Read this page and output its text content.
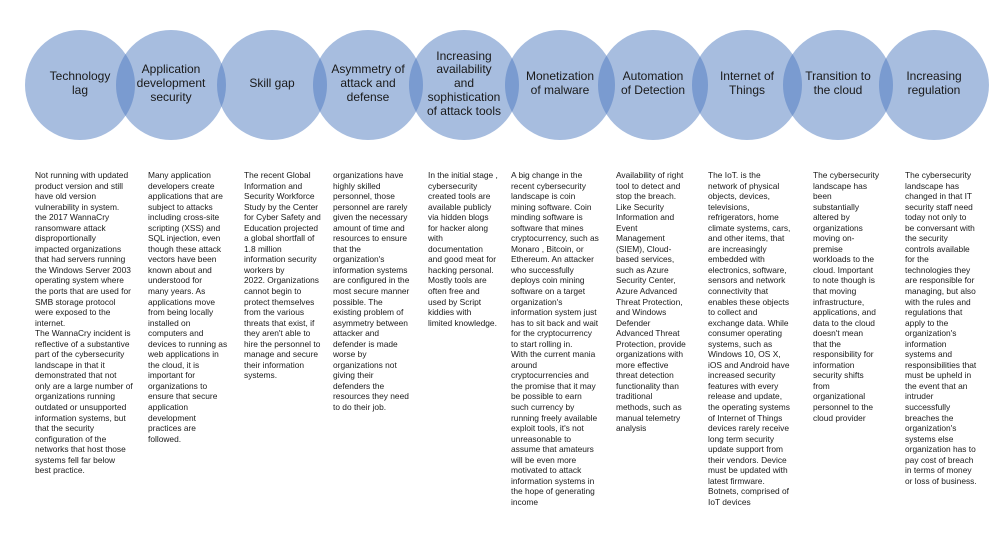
Technology
lag
Application
development
security
Skill gap
Asymmetry of
attack and
defense
Increasing
availability
and
sophistication
of attack tools
Monetization
of malware
Automation
of Detection
Internet of
Things
Transition to
the cloud
Increasing
regulation
Not running with updated
product version and still
have old version
vulnerability in system.
the 2017 WannaCry
ransomware attack
disproportionally
impacted organizations
that had servers running
the Windows Server 2003
operating system where
the ports that are used for
SMB storage protocol
were exposed to the
internet.
The WannaCry incident is
reflective of a substantive
part of the cybersecurity
landscape in that it
demonstrated that not
only are a large number of
organizations running
outdated or unsupported
information systems, but
that the security
configuration of the
networks that host those
systems fell far below
best practice.
Many application
developers create
applications that are
subject to attacks
including cross-site
scripting (XSS) and
SQL injection, even
though these attack
vectors have been
known about and
understood for
many years. As
applications move
from being locally
installed on
computers and
devices to running as
web applications in
the cloud, it is
important for
organizations to
ensure that secure
application
development
practices are
followed.
The recent Global
Information and
Security Workforce
Study by the Center
for Cyber Safety and
Education projected
a global shortfall of
1.8 million
information security
workers by
2022. Organizations
cannot begin to
protect themselves
from the various
threats that exist, if
they aren't able to
hire the personnel to
manage and secure
their information
systems.
organizations have
highly skilled
personnel, those
personnel are rarely
given the necessary
amount of time and
resources to ensure
that the
organization's
information systems
are configured in the
most secure manner
possible. The
existing problem of
asymmetry between
attacker and
defender is made
worse by
organizations not
giving their
defenders the
resources they need
to do their job.
In the initial stage ,
cybersecurity
created tools are
available publicly
via hidden blogs
for hacker along
with
documentation
and good meat for
hacking personal.
Mostly tools are
often free and
used by Script
kiddies with
limited knowledge.
A big change in the
recent cybersecurity
landscape is coin
mining software. Coin
minding software is
software that mines
cryptocurrency, such as
Monaro , Bitcoin, or
Ethereum. An attacker
who successfully
deploys coin mining
software on a target
organization's
information system just
has to sit back and wait
for the cryptocurrency
to start rolling in.
With the current mania
around
cryptocurrencies and
the promise that it may
be possible to earn
such currency by
running freely available
exploit tools, it's not
unreasonable to
assume that amateurs
will be even more
motivated to attack
information systems in
the hope of generating
income
Availability of right
tool to detect and
stop the breach.
Like Security
Information and
Event
Management
(SIEM), Cloud-
based services,
such as Azure
Security Center,
Azure Advanced
Threat Protection,
and Windows
Defender
Advanced Threat
Protection, provide
organizations with
more effective
threat detection
functionality than
traditional
methods, such as
manual telemetry
analysis
The IoT. is the
network of physical
objects, devices,
televisions,
refrigerators, home
climate systems, cars,
and other items, that
are increasingly
embedded with
electronics, software,
sensors and network
connectivity that
enables these objects
to collect and
exchange data. While
consumer operating
systems, such as
Windows 10, OS X,
iOS and Android have
increased security
features with every
release and update,
the operating systems
of Internet of Things
devices rarely receive
long term security
update support from
their vendors. Device
must be updated with
latest firmware.
Botnets, comprised of
IoT devices
The cybersecurity
landscape has
been
substantially
altered by
organizations
moving on-
premise
workloads to the
cloud. Important
to note though is
that moving
infrastructure,
applications, and
data to the cloud
doesn't mean
that the
responsibility for
information
security shifts
from
organizational
personnel to the
cloud provider
The cybersecurity
landscape has
changed in that IT
security staff need
today not only to
be conversant with
the security
controls available
for the
technologies they
are responsible for
managing, but also
with the rules and
regulations that
apply to the
organization's
information
systems and
responsibilities that
must be upheld in
the event that an
intruder
successfully
breaches the
organization's
systems else
organization has to
pay cost of breach
in terms of money
or loss of business.
